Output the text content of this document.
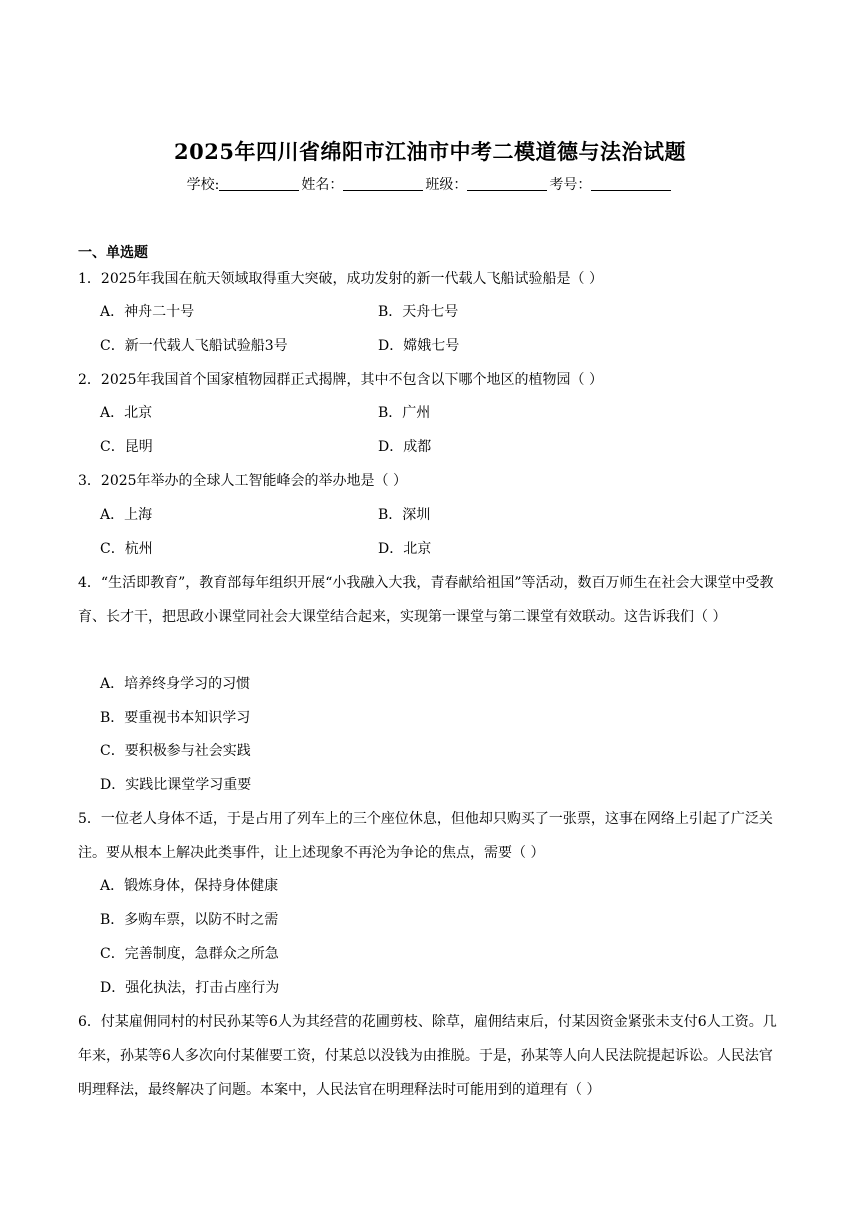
2025年四川省绵阳市江油市中考二模道德与法治试题
学校:	姓名：	班级：	考号：
一、单选题
1．2025年我国在航天领域取得重大突破，成功发射的新一代载人飞船试验船是（ ）
A．神舟二十号	B．天舟七号
C．新一代载人飞船试验船3号	D．嫦娥七号
2．2025年我国首个国家植物园群正式揭牌，其中不包含以下哪个地区的植物园（ ）
A．北京	B．广州
C．昆明	D．成都
3．2025年举办的全球人工智能峰会的举办地是（ ）
A．上海	B．深圳
C．杭州	D．北京
4．“生活即教育”，教育部每年组织开展“小我融入大我，青春献给祖国”等活动，数百万师生在社会大课堂中受教育、长才干，把思政小课堂同社会大课堂结合起来，实现第一课堂与第二课堂有效联动。这告诉我们（ ）
A．培养终身学习的习惯
B．要重视书本知识学习
C．要积极参与社会实践
D．实践比课堂学习重要
5．一位老人身体不适，于是占用了列车上的三个座位休息，但他却只购买了一张票，这事在网络上引起了广泛关注。要从根本上解决此类事件，让上述现象不再沦为争论的焦点，需要（ ）
A．锻炼身体，保持身体健康
B．多购车票，以防不时之需
C．完善制度，急群众之所急
D．强化执法，打击占座行为
6．付某雇佣同村的村民孙某等6人为其经营的花圃剪枝、除草，雇佣结束后，付某因资金紧张未支付6人工资。几年来，孙某等6人多次向付某催要工资，付某总以没钱为由推脱。于是，孙某等人向人民法院提起诉讼。人民法官明理释法，最终解决了问题。本案中，人民法官在明理释法时可能用到的道理有（ ）
